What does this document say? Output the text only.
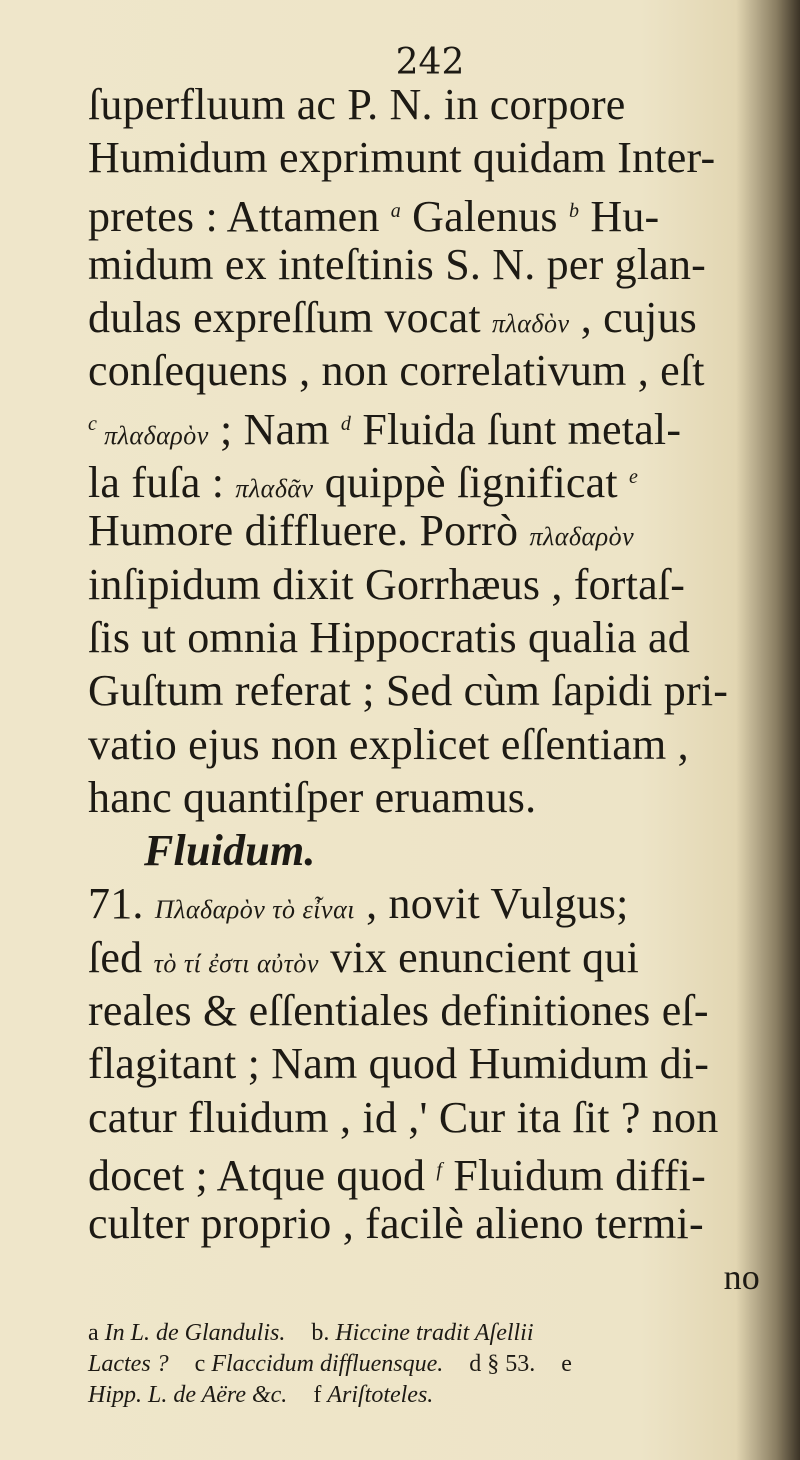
242
ſuperfluum ac P. N. in corpore
Humidum exprimunt quidam Inter-
pretes : Attamen $^a$ Galenus $^b$ Hu-
midum ex inteſtinis S. N. per glan-
dulas expreſſum vocat πλαδὸν , cujus
conſequens , non correlativum , eſt
$^c$ πλαδαρὸν ; Nam $^d$ Fluida ſunt metal-
la fuſa : πλαδᾶν quippè ſignificat $^e$
Humore diffluere. Porrò πλαδαρὸν
inſipidum dixit Gorrhæus , fortaſ-
ſis ut omnia Hippocratis qualia ad
Guſtum referat ; Sed cùm ſapidi pri-
vatio ejus non explicet eſſentiam ,
hanc quantiſper eruamus.
Fluidum.
71. Πλαδαρὸν τὸ εἶναι , novit Vulgus;
ſed τὸ τί ἐστι αὐτὸν vix enuncient qui
reales & eſſentiales definitiones eſ-
flagitant ; Nam quod Humidum di-
catur fluidum , id ,' Cur ita ſit ? non
docet ; Atque quod $^f$ Fluidum diffi-
culter proprio , facilè alieno termi-
no
a In L. de Glandulis. b. Hiccine tradit Aſellii
Lactes ? c Flaccidum diffluensque. d § 53. e
Hipp. L. de Aëre &c. f Ariſtoteles.
